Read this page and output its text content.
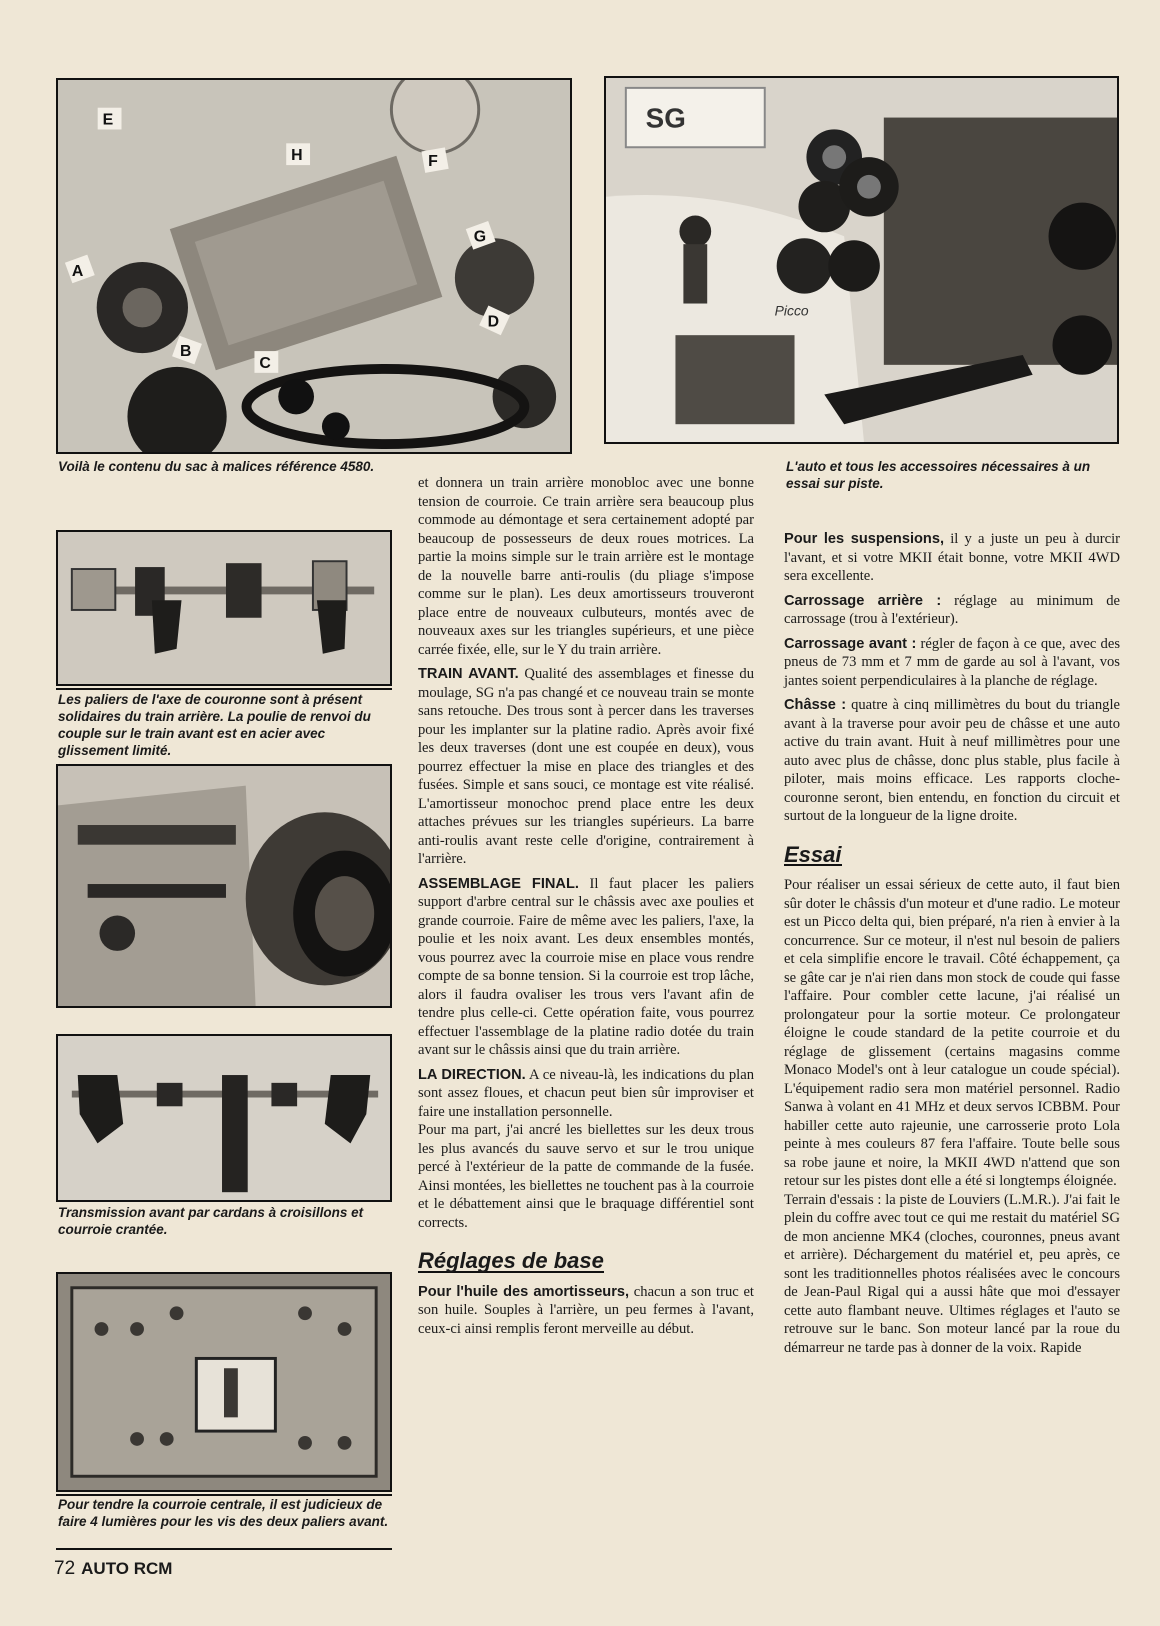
A
B
C
D
E
F
G
H

Voilà le contenu du sac à malices référence 4580.

SG
Picco

L'auto et tous les accessoires nécessaires à un essai sur piste.

Les paliers de l'axe de couronne sont à présent solidaires du train arrière. La poulie de renvoi du couple sur le train avant est en acier avec glissement limité.

Transmission avant par cardans à croisillons et courroie crantée.

Pour tendre la courroie centrale, il est judicieux de faire 4 lumières pour les vis des deux paliers avant.

et donnera un train arrière monobloc avec une bonne tension de courroie. Ce train arrière sera beaucoup plus commode au démontage et sera certainement adopté par beaucoup de possesseurs de deux roues motrices. La partie la moins simple sur le train arrière est le montage de la nouvelle barre anti-roulis (du pliage s'impose comme sur le plan). Les deux amortisseurs trouveront place entre de nouveaux culbuteurs, montés avec de nouveaux axes sur les triangles supérieurs, et une pièce carrée fixée, elle, sur le Y du train arrière.

TRAIN AVANT. Qualité des assemblages et finesse du moulage, SG n'a pas changé et ce nouveau train se monte sans retouche. Des trous sont à percer dans les traverses pour les implanter sur la platine radio. Après avoir fixé les deux traverses (dont une est coupée en deux), vous pourrez effectuer la mise en place des triangles et des fusées. Simple et sans souci, ce montage est vite réalisé. L'amortisseur monochoc prend place entre les deux attaches prévues sur les triangles supérieurs. La barre anti-roulis avant reste celle d'origine, contrairement à l'arrière.

ASSEMBLAGE FINAL. Il faut placer les paliers support d'arbre central sur le châssis avec axe poulies et grande courroie. Faire de même avec les paliers, l'axe, la poulie et les noix avant. Les deux ensembles montés, vous pourrez avec la courroie mise en place vous rendre compte de sa bonne tension. Si la courroie est trop lâche, alors il faudra ovaliser les trous vers l'avant afin de tendre plus celle-ci. Cette opération faite, vous pourrez effectuer l'assemblage de la platine radio dotée du train avant sur le châssis ainsi que du train arrière.

LA DIRECTION. A ce niveau-là, les indications du plan sont assez floues, et chacun peut bien sûr improviser et faire une installation personnelle.

Pour ma part, j'ai ancré les biellettes sur les deux trous les plus avancés du sauve servo et sur le trou unique percé à l'extérieur de la patte de commande de la fusée. Ainsi montées, les biellettes ne touchent pas à la courroie et le débattement ainsi que le braquage différentiel sont corrects.

Réglages de base

Pour l'huile des amortisseurs, chacun a son truc et son huile. Souples à l'arrière, un peu fermes à l'avant, ceux-ci ainsi remplis feront merveille au début.

Pour les suspensions, il y a juste un peu à durcir l'avant, et si votre MKII était bonne, votre MKII 4WD sera excellente.

Carrossage arrière : réglage au minimum de carrossage (trou à l'extérieur).

Carrossage avant : régler de façon à ce que, avec des pneus de 73 mm et 7 mm de garde au sol à l'avant, vos jantes soient perpendiculaires à la planche de réglage.

Châsse : quatre à cinq millimètres du bout du triangle avant à la traverse pour avoir peu de châsse et une auto active du train avant. Huit à neuf millimètres pour une auto avec plus de châsse, donc plus stable, plus facile à piloter, mais moins efficace. Les rapports cloche-couronne seront, bien entendu, en fonction du circuit et surtout de la longueur de la ligne droite.

Essai

Pour réaliser un essai sérieux de cette auto, il faut bien sûr doter le châssis d'un moteur et d'une radio. Le moteur est un Picco delta qui, bien préparé, n'a rien à envier à la concurrence. Sur ce moteur, il n'est nul besoin de paliers et cela simplifie encore le travail. Côté échappement, ça se gâte car je n'ai rien dans mon stock de coude qui fasse l'affaire. Pour combler cette lacune, j'ai réalisé un prolongateur pour la sortie moteur. Ce prolongateur éloigne le coude standard de la petite courroie et du réglage de glissement (certains magasins comme Monaco Model's ont à leur catalogue un coude spécial). L'équipement radio sera mon matériel personnel. Radio Sanwa à volant en 41 MHz et deux servos ICBBM. Pour habiller cette auto rajeunie, une carrosserie proto Lola peinte à mes couleurs 87 fera l'affaire. Toute belle sous sa robe jaune et noire, la MKII 4WD n'attend que son retour sur les pistes dont elle a été si longtemps éloignée.

Terrain d'essais : la piste de Louviers (L.M.R.). J'ai fait le plein du coffre avec tout ce qui me restait du matériel SG de mon ancienne MK4 (cloches, couronnes, pneus avant et arrière). Déchargement du matériel et, peu après, ce sont les traditionnelles photos réalisées avec le concours de Jean-Paul Rigal qui a aussi hâte que moi d'essayer cette auto flambant neuve. Ultimes réglages et l'auto se retrouve sur le banc. Son moteur lancé par la roue du démarreur ne tarde pas à donner de la voix. Rapide

72 AUTO RCM
